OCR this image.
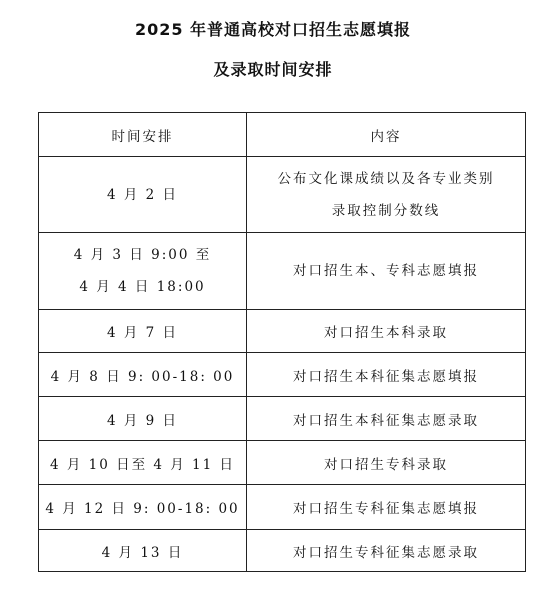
2025 年普通高校对口招生志愿填报
及录取时间安排
时间安排	内容

4 月 2 日	公布文化课成绩以及各专业类别
录取控制分数线

4 月 3 日 9:00 至
4 月 4 日 18:00	对口招生本、专科志愿填报

4 月 7 日	对口招生本科录取
4 月 8 日 9: 00-18: 00	对口招生本科征集志愿填报
4 月 9 日	对口招生本科征集志愿录取
4 月 10 日至 4 月 11 日	对口招生专科录取
4 月 12 日 9: 00-18: 00	对口招生专科征集志愿填报
4 月 13 日	对口招生专科征集志愿录取
